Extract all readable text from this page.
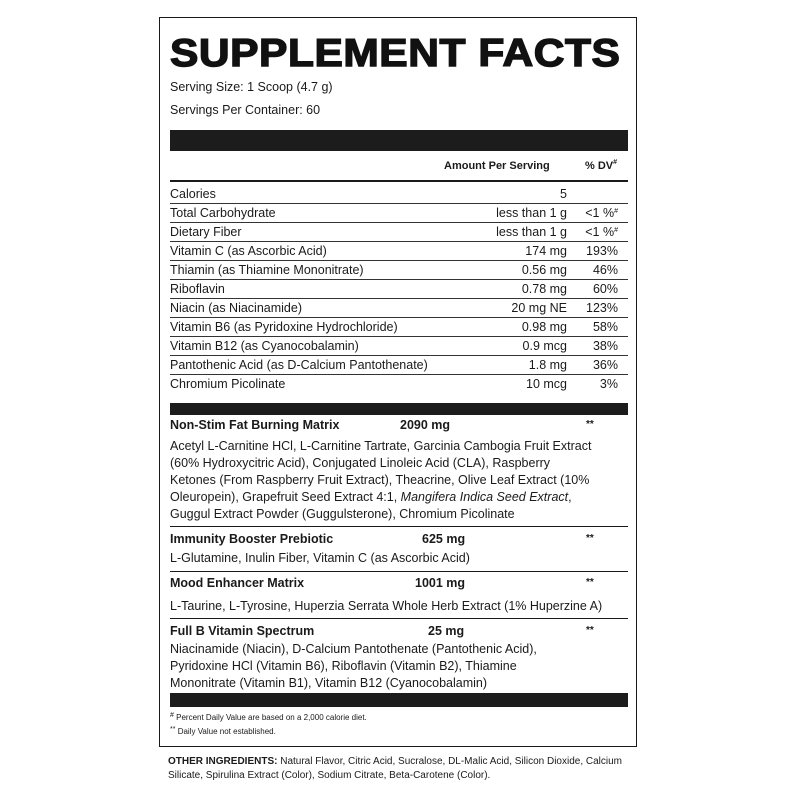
SUPPLEMENT FACTS
Serving Size: 1 Scoop (4.7 g)
Servings Per Container: 60
Amount Per Serving	% DV#
Non-Stim Fat Burning Matrix	2090 mg	**
Acetyl L-Carnitine HCl, L-Carnitine Tartrate, Garcinia Cambogia Fruit Extract
(60% Hydroxycitric Acid), Conjugated Linoleic Acid (CLA), Raspberry
Ketones (From Raspberry Fruit Extract), Theacrine, Olive Leaf Extract (10%
Oleuropein), Grapefruit Seed Extract 4:1, Mangifera Indica Seed Extract,
Guggul Extract Powder (Guggulsterone), Chromium Picolinate
Immunity Booster Prebiotic	625 mg	**
L-Glutamine, Inulin Fiber, Vitamin C (as Ascorbic Acid)
Mood Enhancer Matrix	1001 mg	**
L-Taurine, L-Tyrosine, Huperzia Serrata Whole Herb Extract (1% Huperzine A)
Full B Vitamin Spectrum	25 mg	**
Niacinamide (Niacin), D-Calcium Pantothenate (Pantothenic Acid),
Pyridoxine HCl (Vitamin B6), Riboflavin (Vitamin B2), Thiamine
Mononitrate (Vitamin B1), Vitamin B12 (Cyanocobalamin)
# Percent Daily Value are based on a 2,000 calorie diet.
** Daily Value not established.
Calories	5
Total Carbohydrate	less than 1 g <1 %#
Dietary Fiber	less than 1 g <1 %#
Vitamin C (as Ascorbic Acid)	174 mg 193%
Thiamin (as Thiamine Mononitrate)	0.56 mg 46%
Riboflavin	0.78 mg 60%
Niacin (as Niacinamide)	20 mg NE 123%
Vitamin B6 (as Pyridoxine Hydrochloride)	0.98 mg 58%
Vitamin B12 (as Cyanocobalamin)	0.9 mcg 38%
Pantothenic Acid (as D-Calcium Pantothenate)	1.8 mg 36%
Chromium Picolinate	10 mcg	3%
OTHER INGREDIENTS: Natural Flavor, Citric Acid, Sucralose, DL-Malic Acid, Silicon Dioxide, Calcium Silicate, Spirulina Extract (Color), Sodium Citrate, Beta-Carotene (Color).
